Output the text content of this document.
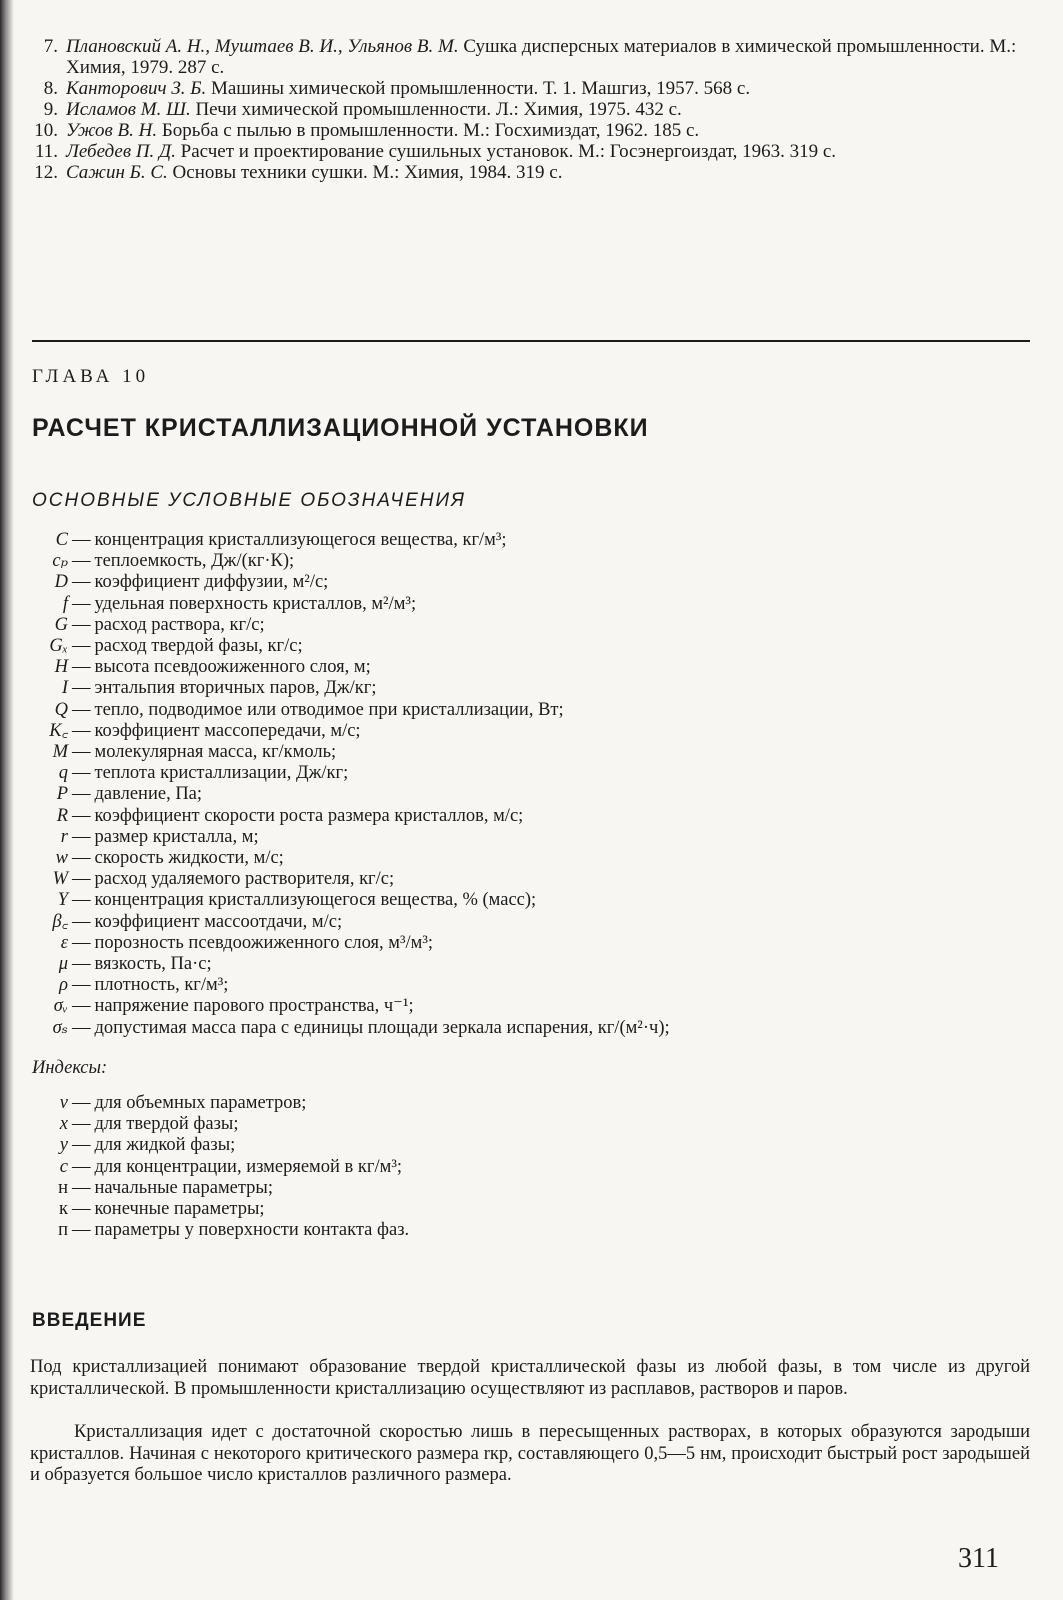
7. Плановский А. Н., Муштаев В. И., Ульянов В. М. Сушка дисперсных материалов в химической промышленности. М.: Химия, 1979. 287 с.
8. Канторович З. Б. Машины химической промышленности. Т. 1. Машгиз, 1957. 568 с.
9. Исламов М. Ш. Печи химической промышленности. Л.: Химия, 1975. 432 с.
10. Ужов В. Н. Борьба с пылью в промышленности. М.: Госхимиздат, 1962. 185 с.
11. Лебедев П. Д. Расчет и проектирование сушильных установок. М.: Госэнергоиздат, 1963. 319 с.
12. Сажин Б. С. Основы техники сушки. М.: Химия, 1984. 319 с.
ГЛАВА 10
РАСЧЕТ КРИСТАЛЛИЗАЦИОННОЙ УСТАНОВКИ
ОСНОВНЫЕ УСЛОВНЫЕ ОБОЗНАЧЕНИЯ
C — концентрация кристаллизующегося вещества, кг/м³;
cₚ — теплоемкость, Дж/(кг·К);
D — коэффициент диффузии, м²/с;
f — удельная поверхность кристаллов, м²/м³;
G — расход раствора, кг/с;
Gₓ — расход твердой фазы, кг/с;
H — высота псевдоожиженного слоя, м;
I — энтальпия вторичных паров, Дж/кг;
Q — тепло, подводимое или отводимое при кристаллизации, Вт;
K꜀ — коэффициент массопередачи, м/с;
M — молекулярная масса, кг/кмоль;
q — теплота кристаллизации, Дж/кг;
P — давление, Па;
R — коэффициент скорости роста размера кристаллов, м/с;
r — размер кристалла, м;
w — скорость жидкости, м/с;
W — расход удаляемого растворителя, кг/с;
Y — концентрация кристаллизующегося вещества, % (масс);
β꜀ — коэффициент массоотдачи, м/с;
ε — порозность псевдоожиженного слоя, м³/м³;
μ — вязкость, Па·с;
ρ — плотность, кг/м³;
σᵥ — напряжение парового пространства, ч⁻¹;
σₛ — допустимая масса пара с единицы площади зеркала испарения, кг/(м²·ч);
Индексы:
v — для объемных параметров;
x — для твердой фазы;
y — для жидкой фазы;
c — для концентрации, измеряемой в кг/м³;
н — начальные параметры;
к — конечные параметры;
п — параметры у поверхности контакта фаз.
ВВЕДЕНИЕ

Под кристаллизацией понимают образование твердой кристаллической фазы из любой фазы, в том числе из другой кристаллической. В промышленности кристаллизацию осуществляют из расплавов, растворов и паров.

Кристаллизация идет с достаточной скоростью лишь в пересыщенных растворах, в которых образуются зародыши кристаллов. Начиная с некоторого критического размера rкр, составляющего 0,5—5 нм, происходит быстрый рост зародышей и образуется большое число кристаллов различного размера.

311
